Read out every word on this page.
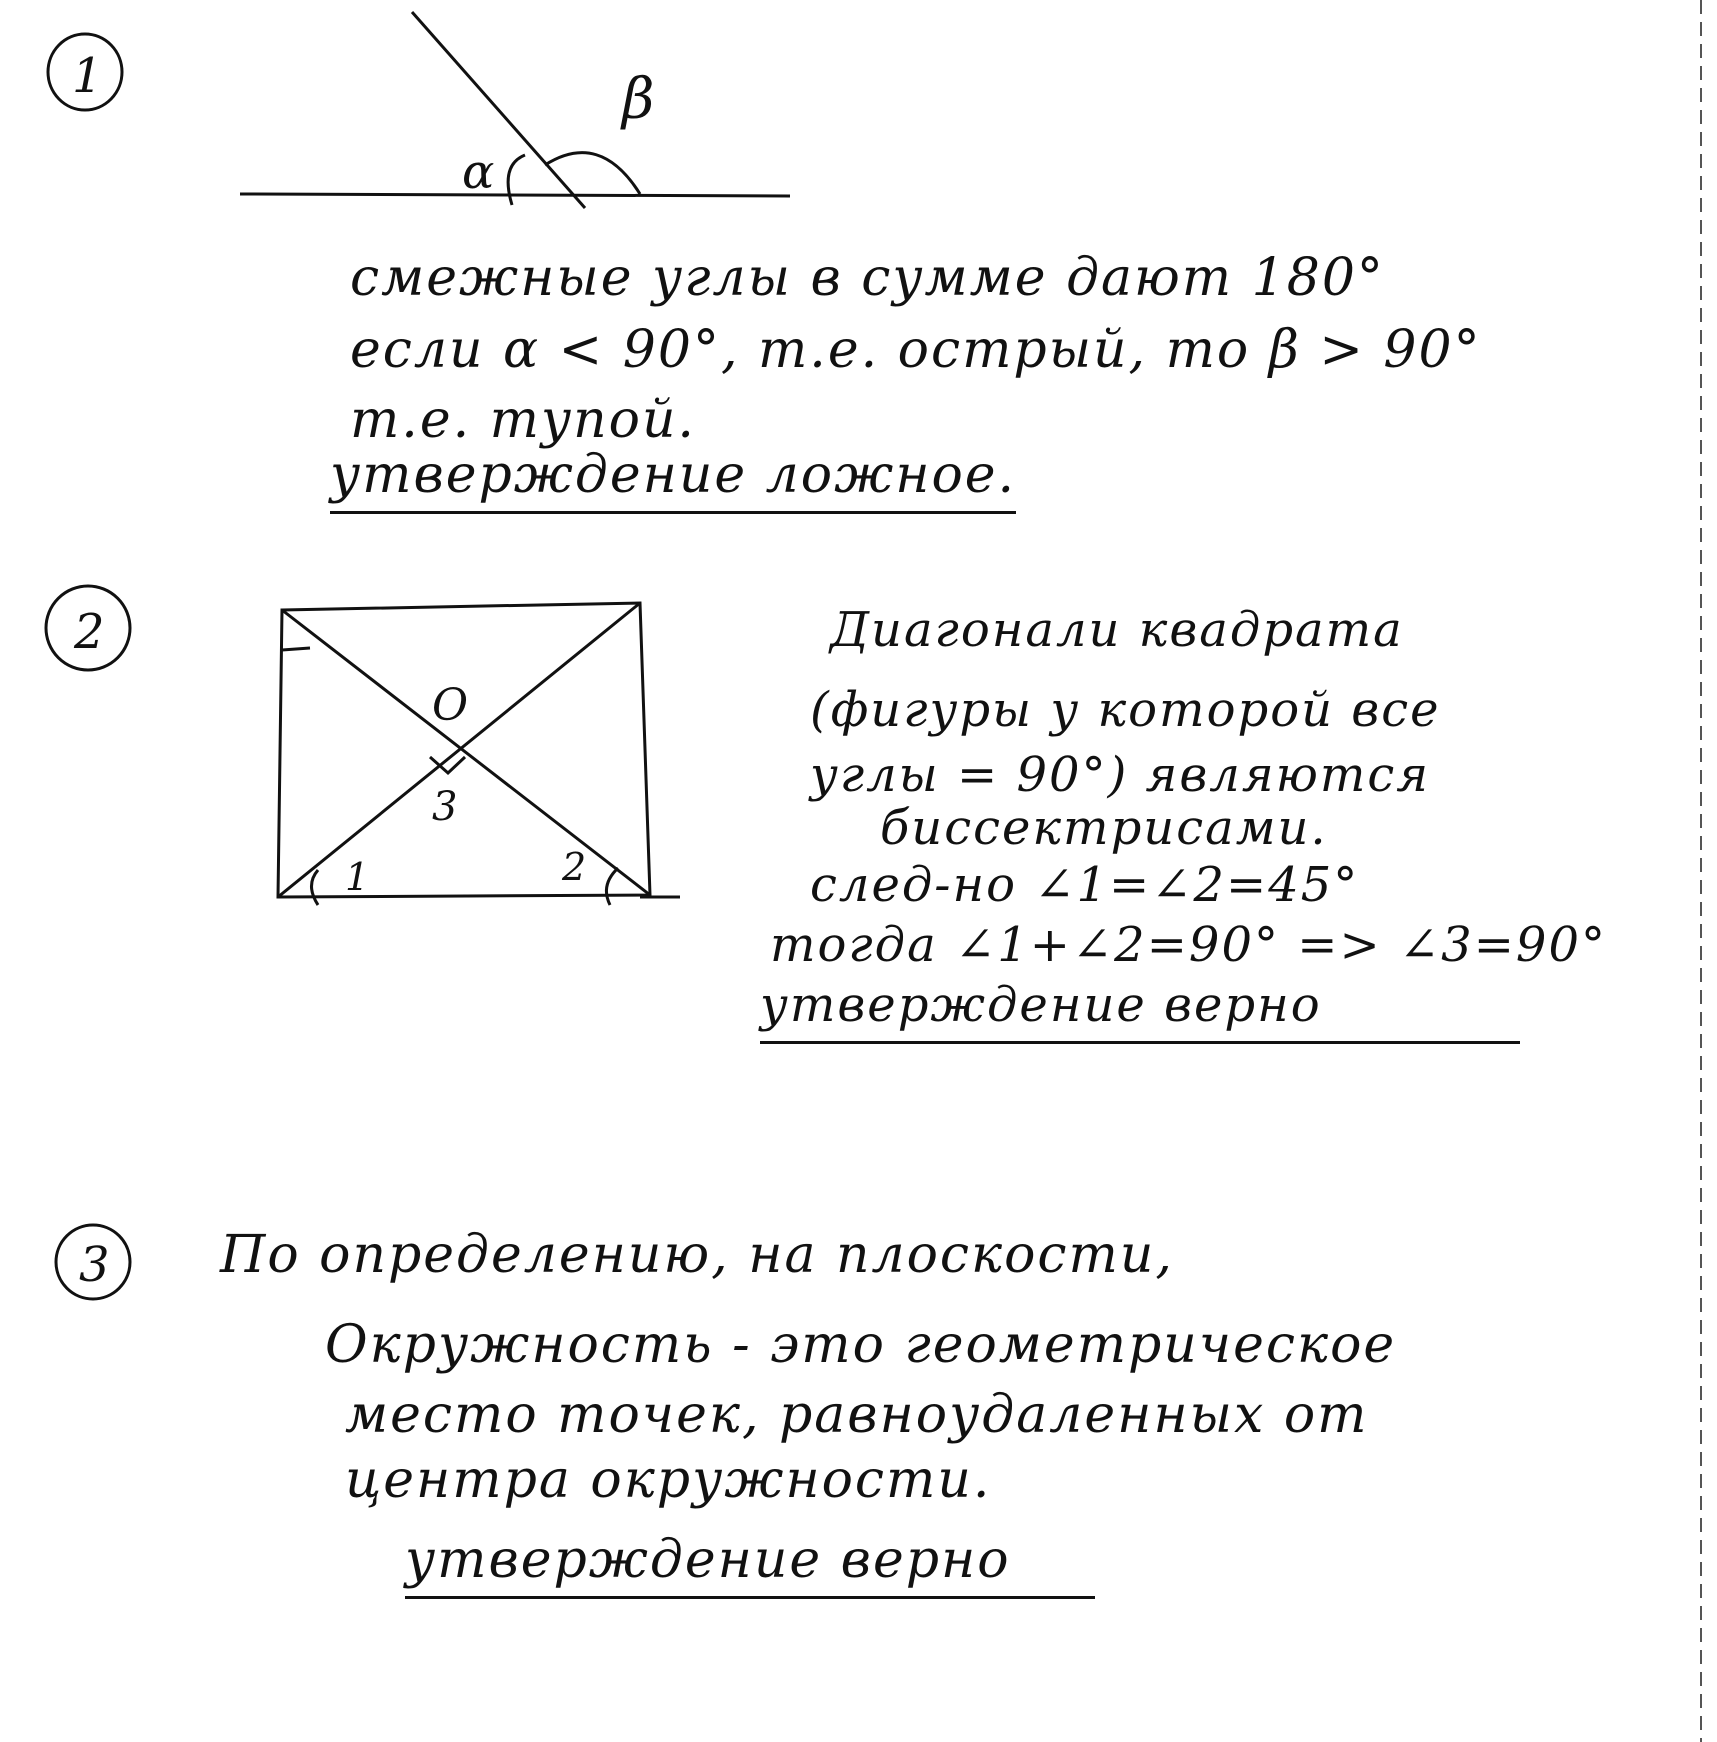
1
α
β
2
O
3
1	2
3
смежные углы в сумме дают 180°
если α < 90°, т.е. острый, то β > 90°
т.е. тупой.
утверждение ложное.
Диагонали квадрата
(фигуры у которой все
углы = 90°) являются
биссектрисами.
след-но ∠1=∠2=45°
тогда ∠1+∠2=90° => ∠3=90°
утверждение верно
По определению, на плоскости,
Окружность - это геометрическое
место точек, равноудаленных от
центра окружности.
утверждение верно
